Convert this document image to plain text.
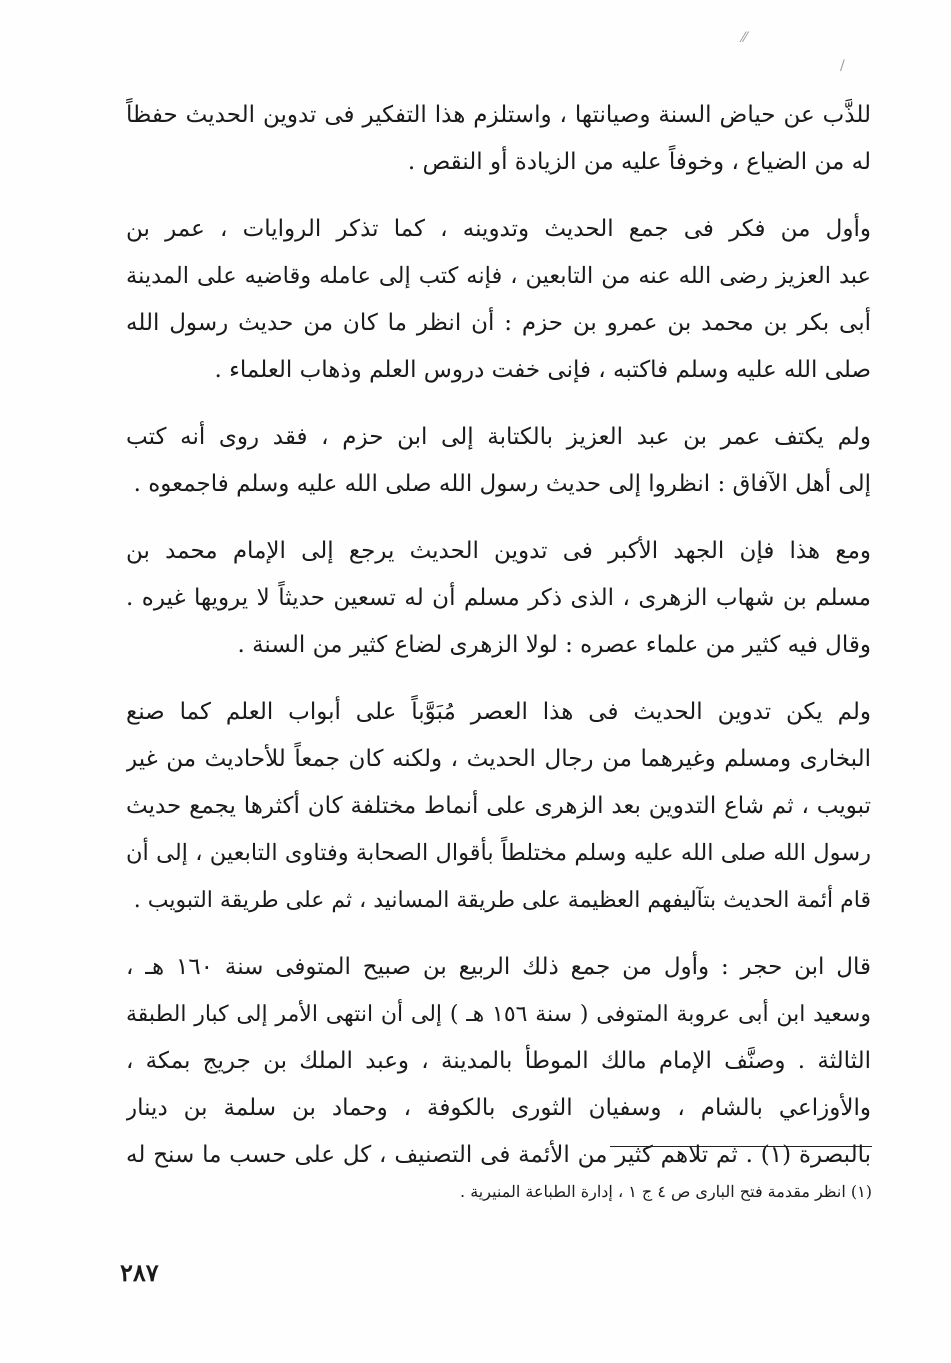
⁄⁄
/
للذَّب عن حياض السنة وصيانتها ، واستلزم هذا التفكير فى تدوين الحديث حفظاً
له من الضياع ، وخوفاً عليه من الزيادة أو النقص .
وأول من فكر فى جمع الحديث وتدوينه ، كما تذكر الروايات ، عمر بن
عبد العزيز رضى الله عنه من التابعين ، فإنه كتب إلى عامله وقاضيه على المدينة
أبى بكر بن محمد بن عمرو بن حزم : أن انظر ما كان من حديث رسول الله
صلى الله عليه وسلم فاكتبه ، فإنى خفت دروس العلم وذهاب العلماء .
ولم يكتف عمر بن عبد العزيز بالكتابة إلى ابن حزم ، فقد روى أنه كتب
إلى أهل الآفاق : انظروا إلى حديث رسول الله صلى الله عليه وسلم فاجمعوه .
ومع هذا فإن الجهد الأكبر فى تدوين الحديث يرجع إلى الإمام محمد بن
مسلم بن شهاب الزهرى ، الذى ذكر مسلم أن له تسعين حديثاً لا يرويها غيره .
وقال فيه كثير من علماء عصره : لولا الزهرى لضاع كثير من السنة .
ولم يكن تدوين الحديث فى هذا العصر مُبَوَّباً على أبواب العلم كما صنع
البخارى ومسلم وغيرهما من رجال الحديث ، ولكنه كان جمعاً للأحاديث من غير
تبويب ، ثم شاع التدوين بعد الزهرى على أنماط مختلفة كان أكثرها يجمع حديث
رسول الله صلى الله عليه وسلم مختلطاً بأقوال الصحابة وفتاوى التابعين ، إلى أن
قام أئمة الحديث بتآليفهم العظيمة على طريقة المسانيد ، ثم على طريقة التبويب .
قال ابن حجر : وأول من جمع ذلك الربيع بن صبيح المتوفى سنة ١٦٠ هـ ،
وسعيد ابن أبى عروبة المتوفى ( سنة ١٥٦ هـ ) إلى أن انتهى الأمر إلى كبار الطبقة
الثالثة . وصنَّف الإمام مالك الموطأ بالمدينة ، وعبد الملك بن جريج بمكة ،
والأوزاعي بالشام ، وسفيان الثورى بالكوفة ، وحماد بن سلمة بن دينار
بالبصرة (١) . ثم تلاهم كثير من الأئمة فى التصنيف ، كل على حسب ما سنح له
(١) انظر مقدمة فتح البارى ص ٤ ج ١ ، إدارة الطباعة المنيرية .
٢٨٧
